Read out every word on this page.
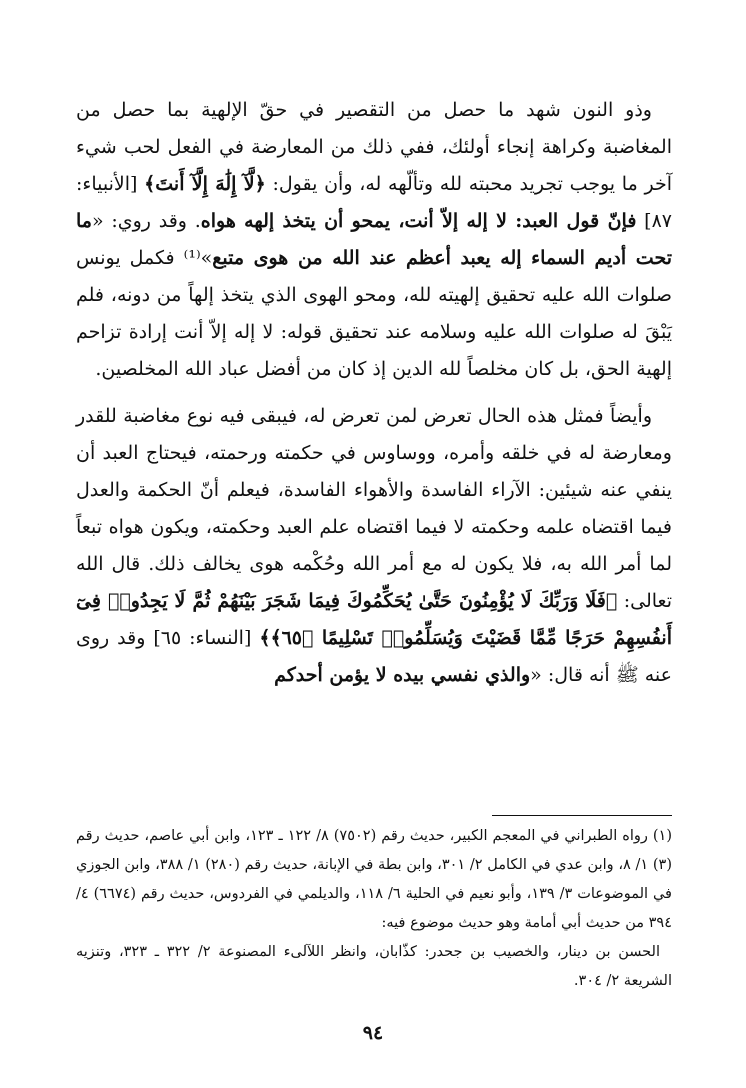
وذو النون شهد ما حصل من التقصير في حقّ الإلهية بما حصل من المغاضبة وكراهة إنجاء أولئك، ففي ذلك من المعارضة في الفعل لحب شيء آخر ما يوجب تجريد محبته لله وتألّهه له، وأن يقول: ﴿لَّآ إِلَٰهَ إِلَّآ أَنتَ﴾ [الأنبياء: ٨٧] فإنّ قول العبد: لا إله إلاّ أنت، يمحو أن يتخذ إلهه هواه. وقد روي: «ما تحت أديم السماء إله يعبد أعظم عند الله من هوى متبع»⁽¹⁾ فكمل يونس صلوات الله عليه تحقيق إلهيته لله، ومحو الهوى الذي يتخذ إلهاً من دونه، فلم يَبْقَ له صلوات الله عليه وسلامه عند تحقيق قوله: لا إله إلاّ أنت إرادة تزاحم إلهية الحق، بل كان مخلصاً لله الدين إذ كان من أفضل عباد الله المخلصين.

وأيضاً فمثل هذه الحال تعرض لمن تعرض له، فيبقى فيه نوع مغاضبة للقدر ومعارضة له في خلقه وأمره، ووساوس في حكمته ورحمته، فيحتاج العبد أن ينفي عنه شيئين: الآراء الفاسدة والأهواء الفاسدة، فيعلم أنّ الحكمة والعدل فيما اقتضاه علمه وحكمته لا فيما اقتضاه علم العبد وحكمته، ويكون هواه تبعاً لما أمر الله به، فلا يكون له مع أمر الله وحُكْمه هوى يخالف ذلك. قال الله تعالى: ﴿فَلَا وَرَبِّكَ لَا يُؤْمِنُونَ حَتَّىٰ يُحَكِّمُوكَ فِيمَا شَجَرَ بَيْنَهُمْ ثُمَّ لَا يَجِدُوا۟ فِىٓ أَنفُسِهِمْ حَرَجًا مِّمَّا قَضَيْتَ وَيُسَلِّمُوا۟ تَسْلِيمًا ﴿٦٥﴾﴾ [النساء: ٦٥] وقد روى عنه ﷺ أنه قال: «والذي نفسي بيده لا يؤمن أحدكم

(١) رواه الطبراني في المعجم الكبير، حديث رقم (٧٥٠٢) ٨/ ١٢٢ ـ ١٢٣، وابن أبي عاصم، حديث رقم (٣) ١/ ٨، وابن عدي في الكامل ٢/ ٣٠١، وابن بطة في الإبانة، حديث رقم (٢٨٠) ١/ ٣٨٨، وابن الجوزي في الموضوعات ٣/ ١٣٩، وأبو نعيم في الحلية ٦/ ١١٨، والديلمي في الفردوس، حديث رقم (٦٦٧٤) ٤/ ٣٩٤ من حديث أبي أمامة وهو حديث موضوع فيه:

الحسن بن دينار، والخصيب بن جحدر: كذّابان، وانظر اللآلىء المصنوعة ٢/ ٣٢٢ ـ ٣٢٣، وتنزيه الشريعة ٢/ ٣٠٤.

٩٤
